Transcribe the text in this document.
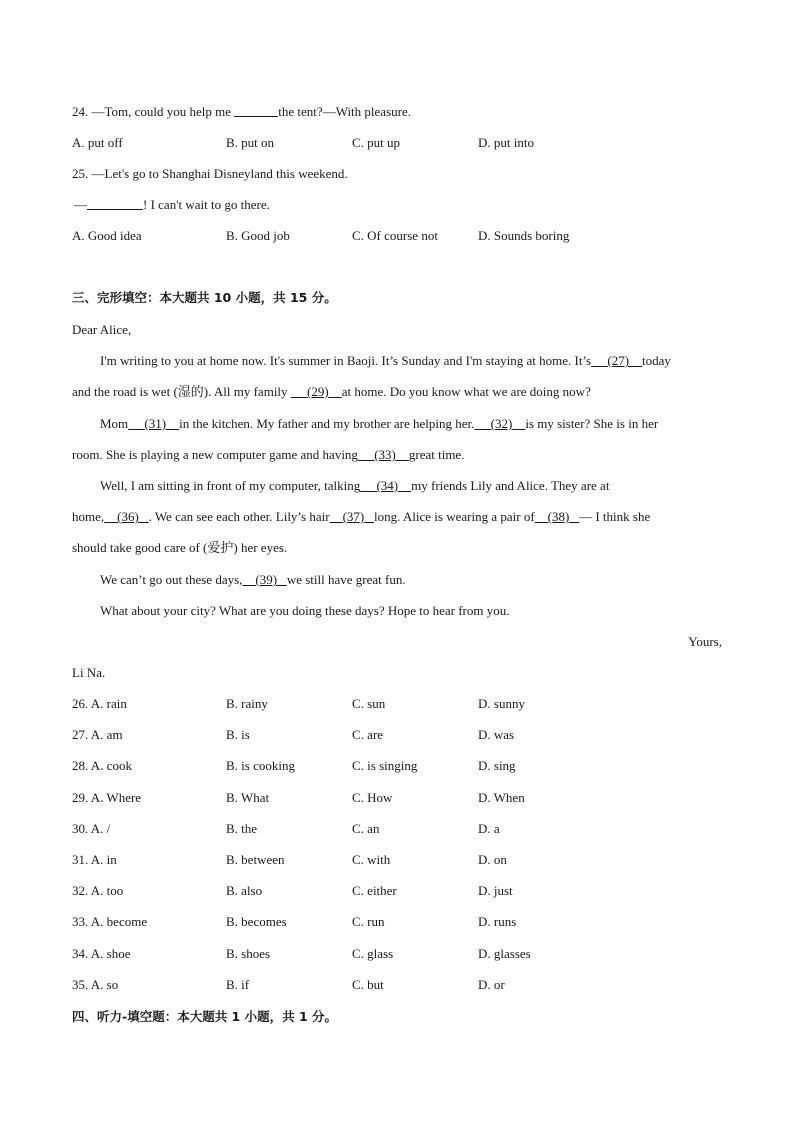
24. —Tom, could you help me	the tent?—With pleasure.
A. put off	B. put on	C. put up	D. put into
25. —Let's go to Shanghai Disneyland this weekend.
—	! I can't wait to go there.
A. Good idea	B. Good job	C. Of course not	D. Sounds boring
三、完形填空：本大题共 10 小题，共 15 分。
Dear Alice,
I'm writing to you at home now. It's summer in Baoji. It’s Sunday and I'm staying at home. It’s (27) today
and the road is wet (湿的). All my family      (29) at home. Do you know what we are doing now?
Mom (31) in the kitchen. My father and my brother are helping her. (32) is my sister? She is in her
room. She is playing a new computer game and having (33) great time.
Well, I am sitting in front of my computer, talking (34) my friends Lily and Alice. They are at
home, (36) . We can see each other. Lily’s hair (37) long. Alice is wearing a pair of (38) — I think she
should take good care of (爱护) her eyes.
We can’t go out these days, (39) we still have great fun.
What about your city? What are you doing these days? Hope to hear from you.
Yours,
Li Na.
26. A. rain	B. rainy	C. sun	D. sunny
27. A. am	B. is	C. are	D. was
28. A. cook	B. is cooking	C. is singing	D. sing
29. A. Where	B. What	C. How	D. When
30. A. /	B. the	C. an	D. a
31. A. in	B. between	C. with	D. on
32. A. too	B. also	C. either	D. just
33. A. become	B. becomes	C. run	D. runs
34. A. shoe	B. shoes	C. glass	D. glasses
35. A. so	B. if	C. but	D. or
四、听力-填空题：本大题共 1 小题，共 1 分。
